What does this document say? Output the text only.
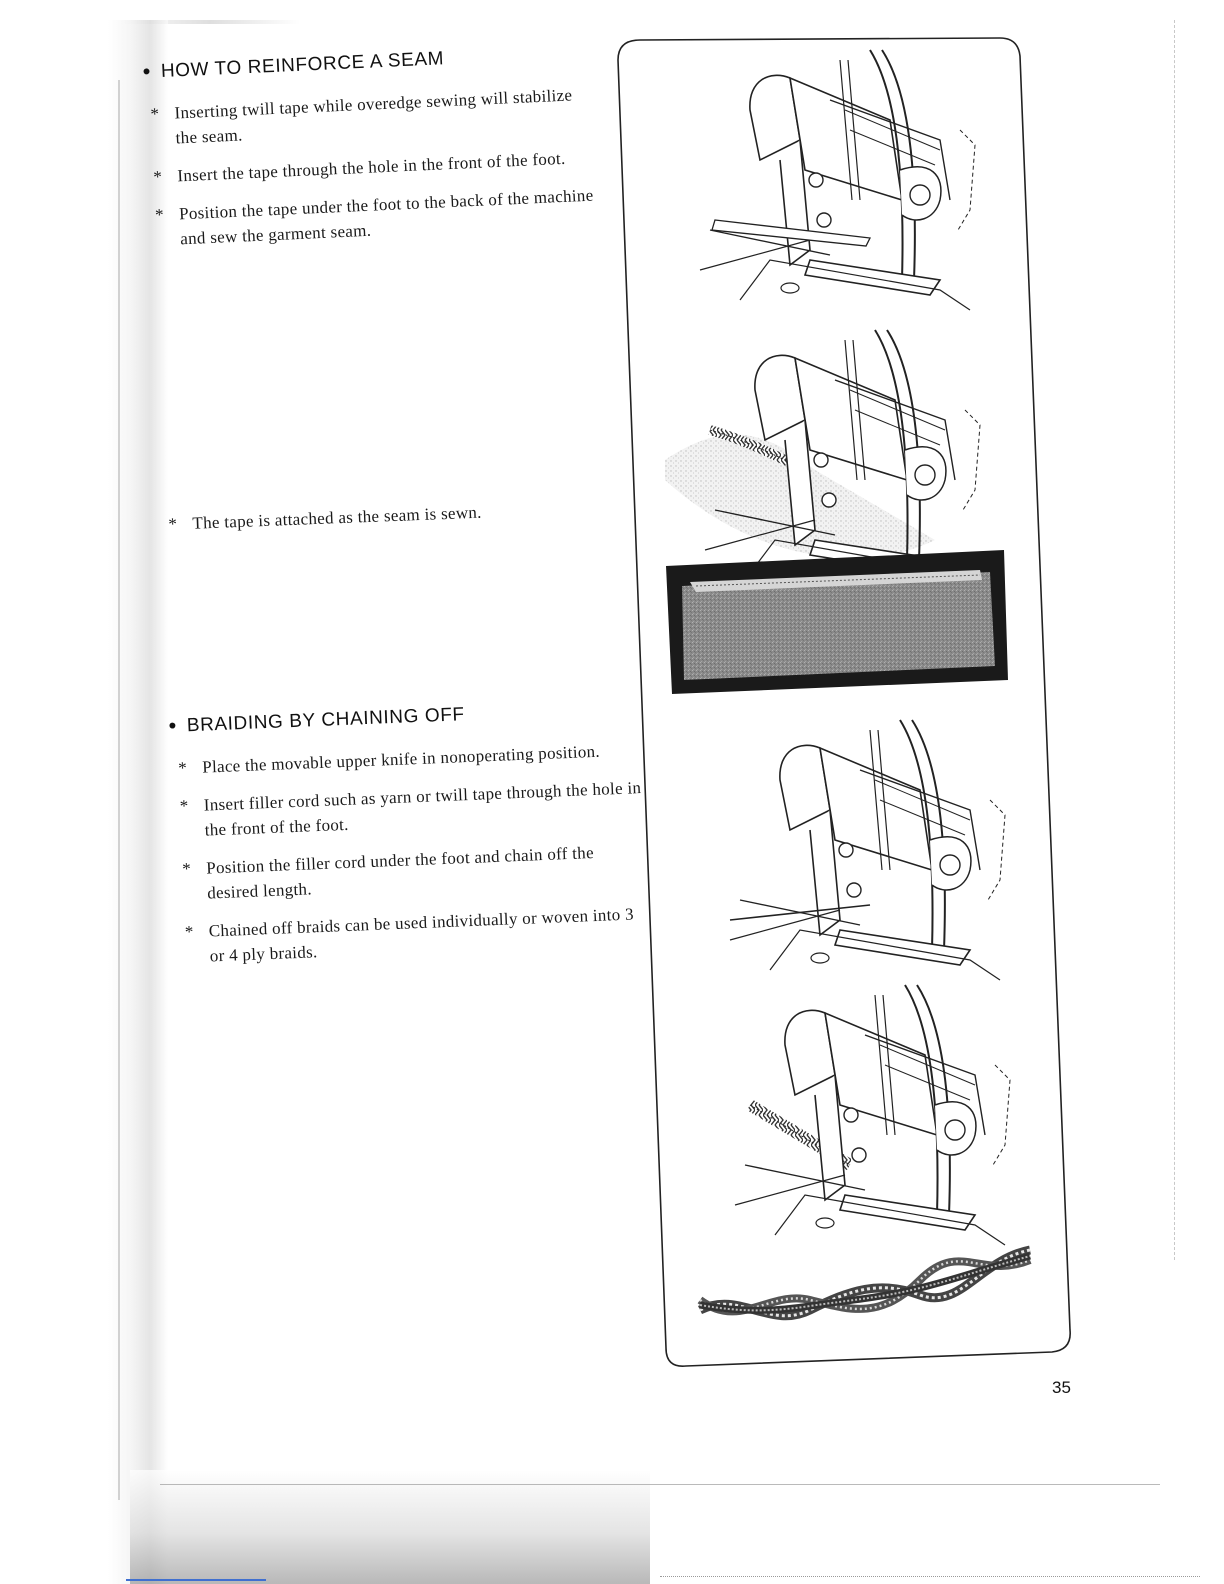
• HOW TO REINFORCE A SEAM
* Inserting twill tape while overedge sewing will stabilize the seam.
* Insert the tape through the hole in the front of the foot.
* Position the tape under the foot to the back of the machine and sew the garment seam.
* The tape is attached as the seam is sewn.
• BRAIDING BY CHAINING OFF
* Place the movable upper knife in nonoperating position.
* Insert filler cord such as yarn or twill tape through the hole in the front of the foot.
* Position the filler cord under the foot and chain off the desired length.
* Chained off braids can be used individually or woven into 3 or 4 ply braids.
35
